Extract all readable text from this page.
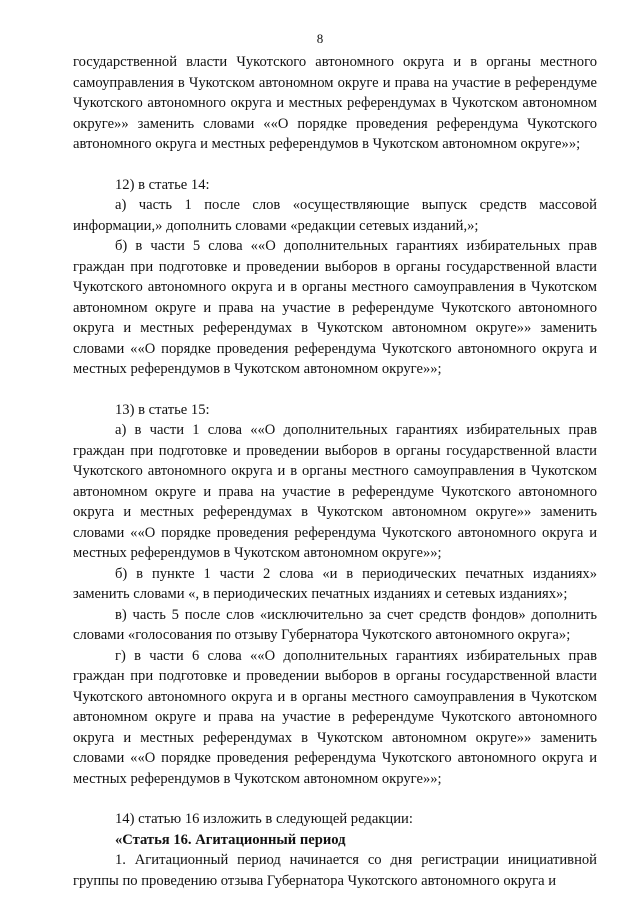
8

государственной власти Чукотского автономного округа и в органы местного самоуправления в Чукотском автономном округе и права на участие в референдуме Чукотского автономного округа и местных референдумах в Чукотском автономном округе»» заменить словами ««О порядке проведения референдума Чукотского автономного округа и местных референдумов в Чукотском автономном округе»»;

12) в статье 14:

а) часть 1 после слов «осуществляющие выпуск средств массовой информации,» дополнить словами «редакции сетевых изданий,»;

б) в части 5 слова ««О дополнительных гарантиях избирательных прав граждан при подготовке и проведении выборов в органы государственной власти Чукотского автономного округа и в органы местного самоуправления в Чукотском автономном округе и права на участие в референдуме Чукотского автономного округа и местных референдумах в Чукотском автономном округе»» заменить словами ««О порядке проведения референдума Чукотского автономного округа и местных референдумов в Чукотском автономном округе»»;

13) в статье 15:

а) в части 1 слова ««О дополнительных гарантиях избирательных прав граждан при подготовке и проведении выборов в органы государственной власти Чукотского автономного округа и в органы местного самоуправления в Чукотском автономном округе и права на участие в референдуме Чукотского автономного округа и местных референдумах в Чукотском автономном округе»» заменить словами ««О порядке проведения референдума Чукотского автономного округа и местных референдумов в Чукотском автономном округе»»;

б) в пункте 1 части 2 слова «и в периодических печатных изданиях» заменить словами «, в периодических печатных изданиях и сетевых изданиях»;

в) часть 5 после слов «исключительно за счет средств фондов» дополнить словами «голосования по отзыву Губернатора Чукотского автономного округа»;

г) в части 6 слова ««О дополнительных гарантиях избирательных прав граждан при подготовке и проведении выборов в органы государственной власти Чукотского автономного округа и в органы местного самоуправления в Чукотском автономном округе и права на участие в референдуме Чукотского автономного округа и местных референдумах в Чукотском автономном округе»» заменить словами ««О порядке проведения референдума Чукотского автономного округа и местных референдумов в Чукотском автономном округе»»;

14) статью 16 изложить в следующей редакции:

«Статья 16. Агитационный период

1. Агитационный период начинается со дня регистрации инициативной группы по проведению отзыва Губернатора Чукотского автономного округа и
